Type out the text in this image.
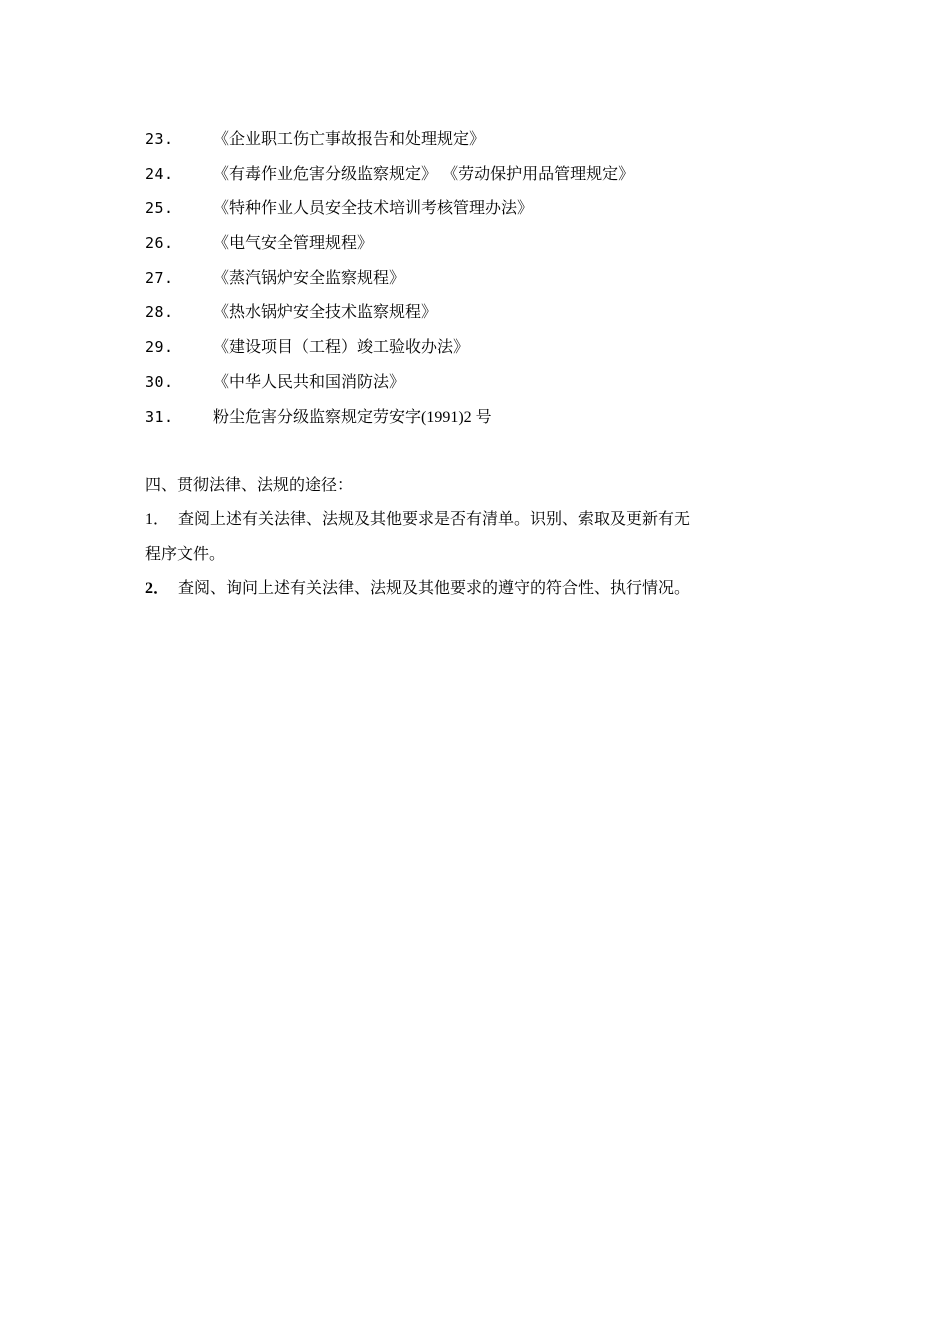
23.	《企业职工伤亡事故报告和处理规定》
24.	《有毒作业危害分级监察规定》 《劳动保护用品管理规定》
25.	《特种作业人员安全技术培训考核管理办法》
26.	《电气安全管理规程》
27.	《蒸汽锅炉安全监察规程》
28.	《热水锅炉安全技术监察规程》
29.	《建设项目（工程）竣工验收办法》
30.	《中华人民共和国消防法》
31.	粉尘危害分级监察规定劳安字(1991)2 号
四、贯彻法律、法规的途径：
1． 查阅上述有关法律、法规及其他要求是否有清单。识别、索取及更新有无
程序文件。
2． 查阅、询问上述有关法律、法规及其他要求的遵守的符合性、执行情况。
